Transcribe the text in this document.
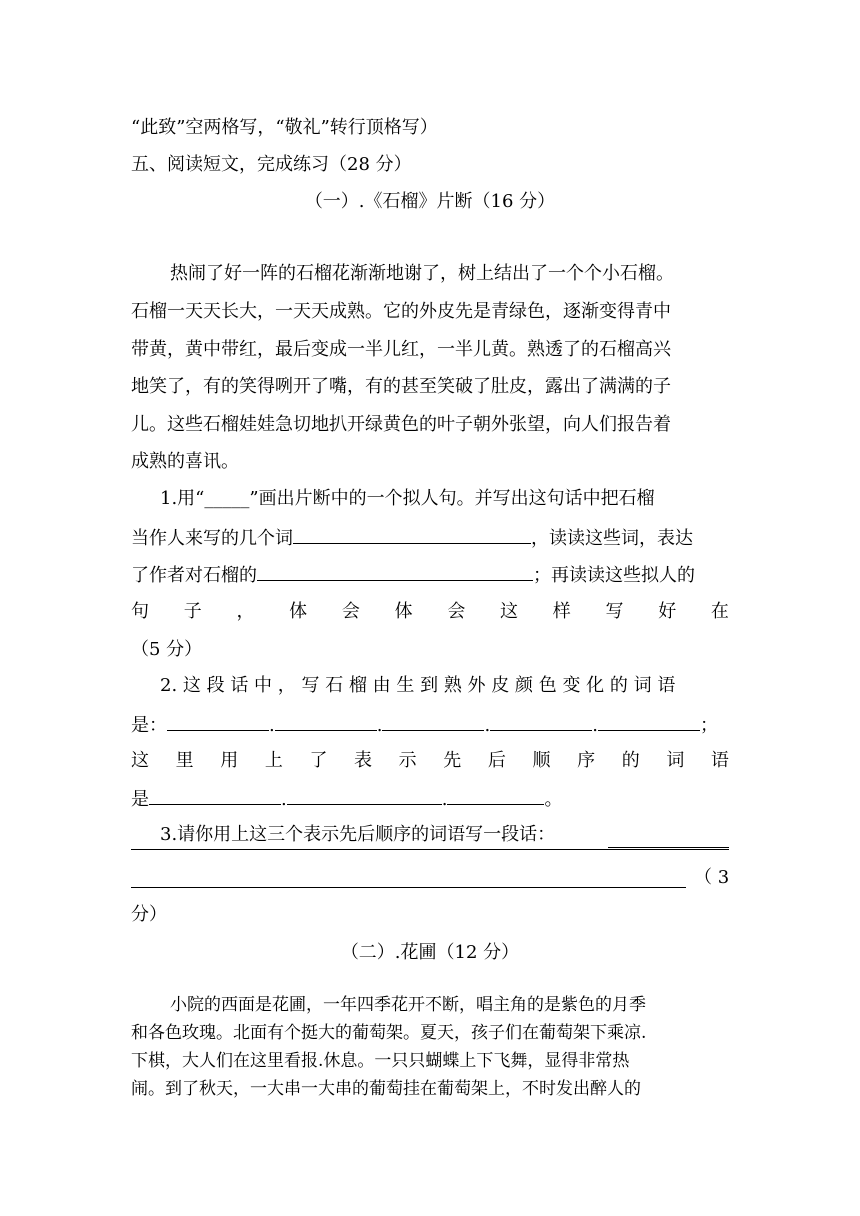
“此致”空两格写，“敬礼”转行顶格写）
五、阅读短文，完成练习（28 分）
（一）.《石榴》片断（16 分）
热闹了好一阵的石榴花渐渐地谢了，树上结出了一个个小石榴。
石榴一天天长大，一天天成熟。它的外皮先是青绿色，逐渐变得青中
带黄，黄中带红，最后变成一半儿红，一半儿黄。熟透了的石榴高兴
地笑了，有的笑得咧开了嘴，有的甚至笑破了肚皮，露出了满满的子
儿。这些石榴娃娃急切地扒开绿黄色的叶子朝外张望，向人们报告着
成熟的喜讯。
1.用“_____”画出片断中的一个拟人句。并写出这句话中把石榴
当作人来写的几个词	，读读这些词，表达
了作者对石榴的	；再读读这些拟人的
句 子 ， 体 会 体 会 这 样 写 好 在
（5 分）
2. 这 段 话 中 ， 写 石 榴 由 生 到 熟 外 皮 颜 色 变 化 的 词 语
是：	.	.	.	.	；
这 里 用 上 了 表 示 先 后 顺 序 的 词 语
是	.	.	。
3.请你用上这三个表示先后顺序的词语写一段话：
（ 3
分）
（二）.花圃（12 分）
小院的西面是花圃，一年四季花开不断，唱主角的是紫色的月季
和各色玫瑰。北面有个挺大的葡萄架。夏天，孩子们在葡萄架下乘凉.
下棋，大人们在这里看报.休息。一只只蝴蝶上下飞舞，显得非常热
闹。到了秋天，一大串一大串的葡萄挂在葡萄架上，不时发出醉人的
